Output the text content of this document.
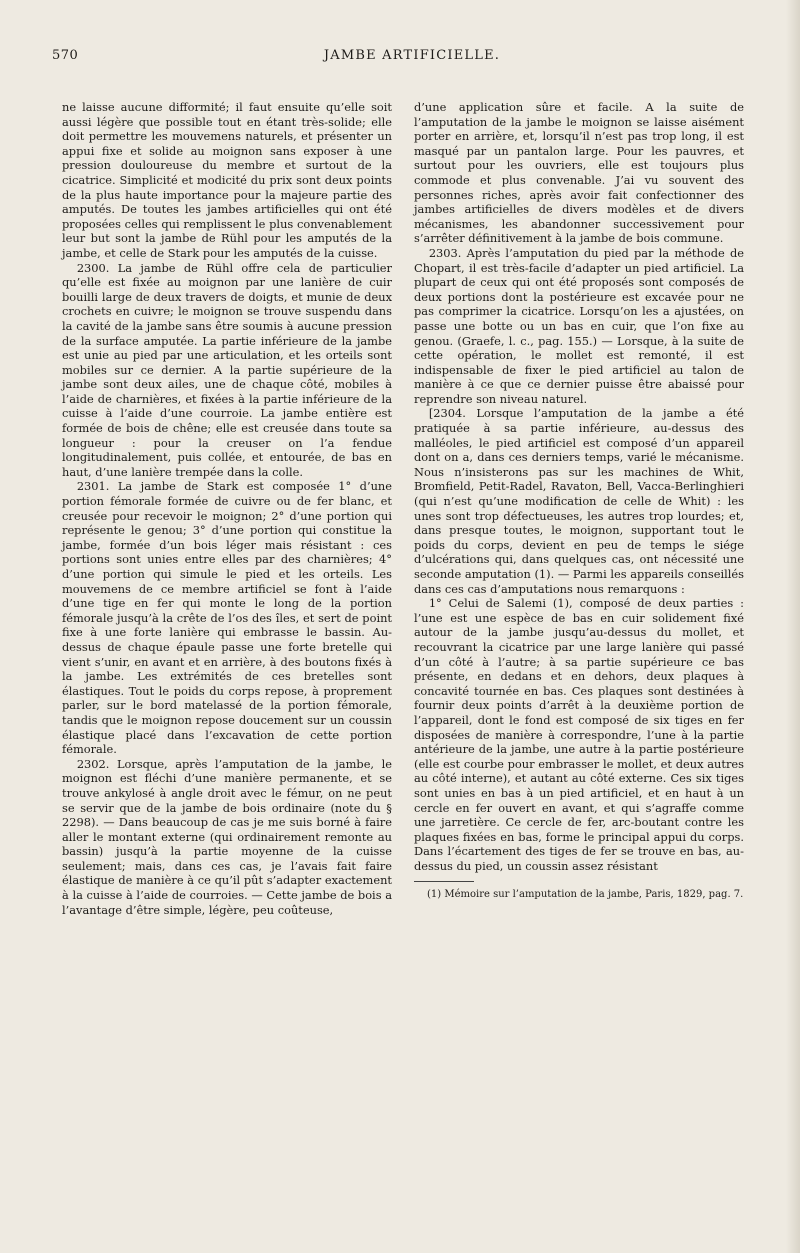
570	JAMBE ARTIFICIELLE.

ne laisse aucune difformité; il faut ensuite qu’elle soit aussi légère que possible tout en étant très-solide; elle doit permettre les mouvemens naturels, et présenter un appui fixe et solide au moignon sans exposer à une pression douloureuse du membre et surtout de la cicatrice. Simplicité et modicité du prix sont deux points de la plus haute importance pour la majeure partie des amputés. De toutes les jambes artificielles qui ont été proposées celles qui remplissent le plus convenablement leur but sont la jambe de Rühl pour les amputés de la jambe, et celle de Stark pour les amputés de la cuisse.

2300. La jambe de Rühl offre cela de particulier qu’elle est fixée au moignon par une lanière de cuir bouilli large de deux travers de doigts, et munie de deux crochets en cuivre; le moignon se trouve suspendu dans la cavité de la jambe sans être soumis à aucune pression de la surface amputée. La partie inférieure de la jambe est unie au pied par une articulation, et les orteils sont mobiles sur ce dernier. A la partie supérieure de la jambe sont deux ailes, une de chaque côté, mobiles à l’aide de charnières, et fixées à la partie inférieure de la cuisse à l’aide d’une courroie. La jambe entière est formée de bois de chêne; elle est creusée dans toute sa longueur : pour la creuser on l’a fendue longitudinalement, puis collée, et entourée, de bas en haut, d’une lanière trempée dans la colle.

2301. La jambe de Stark est composée 1° d’une portion fémorale formée de cuivre ou de fer blanc, et creusée pour recevoir le moignon; 2° d’une portion qui représente le genou; 3° d’une portion qui constitue la jambe, formée d’un bois léger mais résistant : ces portions sont unies entre elles par des charnières; 4° d’une portion qui simule le pied et les orteils. Les mouvemens de ce membre artificiel se font à l’aide d’une tige en fer qui monte le long de la portion fémorale jusqu’à la crête de l’os des îles, et sert de point fixe à une forte lanière qui embrasse le bassin. Au-dessus de chaque épaule passe une forte bretelle qui vient s’unir, en avant et en arrière, à des boutons fixés à la jambe. Les extrémités de ces bretelles sont élastiques. Tout le poids du corps repose, à proprement parler, sur le bord matelassé de la portion fémorale, tandis que le moignon repose doucement sur un coussin élastique placé dans l’excavation de cette portion fémorale.

2302. Lorsque, après l’amputation de la jambe, le moignon est fléchi d’une manière permanente, et se trouve ankylosé à angle droit avec le fémur, on ne peut se servir que de la jambe de bois ordinaire (note du § 2298). — Dans beaucoup de cas je me suis borné à faire aller le montant externe (qui ordinairement remonte au bassin) jusqu’à la partie moyenne de la cuisse seulement; mais, dans ces cas, je l’avais fait faire élastique de manière à ce qu’il pût s’adapter exactement à la cuisse à l’aide de courroies. — Cette jambe de bois a l’avantage d’être simple, légère, peu coûteuse,

d’une application sûre et facile. A la suite de l’amputation de la jambe le moignon se laisse aisément porter en arrière, et, lorsqu’il n’est pas trop long, il est masqué par un pantalon large. Pour les pauvres, et surtout pour les ouvriers, elle est toujours plus commode et plus convenable. J’ai vu souvent des personnes riches, après avoir fait confectionner des jambes artificielles de divers modèles et de divers mécanismes, les abandonner successivement pour s’arrêter définitivement à la jambe de bois commune.

2303. Après l’amputation du pied par la méthode de Chopart, il est très-facile d’adapter un pied artificiel. La plupart de ceux qui ont été proposés sont composés de deux portions dont la postérieure est excavée pour ne pas comprimer la cicatrice. Lorsqu’on les a ajustées, on passe une botte ou un bas en cuir, que l’on fixe au genou. (Graefe, l. c., pag. 155.) — Lorsque, à la suite de cette opération, le mollet est remonté, il est indispensable de fixer le pied artificiel au talon de manière à ce que ce dernier puisse être abaissé pour reprendre son niveau naturel.

[2304. Lorsque l’amputation de la jambe a été pratiquée à sa partie inférieure, au-dessus des malléoles, le pied artificiel est composé d’un appareil dont on a, dans ces derniers temps, varié le mécanisme. Nous n’insisterons pas sur les machines de Whit, Bromfield, Petit-Radel, Ravaton, Bell, Vacca-Berlinghieri (qui n’est qu’une modification de celle de Whit) : les unes sont trop défectueuses, les autres trop lourdes; et, dans presque toutes, le moignon, supportant tout le poids du corps, devient en peu de temps le siége d’ulcérations qui, dans quelques cas, ont nécessité une seconde amputation (1). — Parmi les appareils conseillés dans ces cas d’amputations nous remarquons :

1° Celui de Salemi (1), composé de deux parties : l’une est une espèce de bas en cuir solidement fixé autour de la jambe jusqu’au-dessus du mollet, et recouvrant la cicatrice par une large lanière qui passé d’un côté à l’autre; à sa partie supérieure ce bas présente, en dedans et en dehors, deux plaques à concavité tournée en bas. Ces plaques sont destinées à fournir deux points d’arrêt à la deuxième portion de l’appareil, dont le fond est composé de six tiges en fer disposées de manière à correspondre, l’une à la partie antérieure de la jambe, une autre à la partie postérieure (elle est courbe pour embrasser le mollet, et deux autres au côté interne), et autant au côté externe. Ces six tiges sont unies en bas à un pied artificiel, et en haut à un cercle en fer ouvert en avant, et qui s’agraffe comme une jarretière. Ce cercle de fer, arc-boutant contre les plaques fixées en bas, forme le principal appui du corps. Dans l’écartement des tiges de fer se trouve en bas, au-dessus du pied, un coussin assez résistant

(1) Mémoire sur l’amputation de la jambe, Paris, 1829, pag. 7.
